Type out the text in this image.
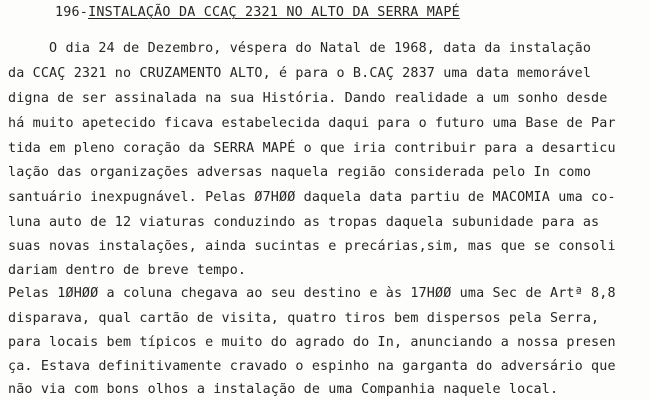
196-INSTALAÇÃO DA CCAÇ 2321 NO ALTO DA SERRA MAPÉ
O dia 24 de Dezembro, véspera do Natal de 1968, data da instalação
da CCAÇ 2321 no CRUZAMENTO ALTO, é para o B.CAÇ 2837 uma data memorável
digna de ser assinalada na sua História. Dando realidade a um sonho desde
há muito apetecido ficava estabelecida daqui para o futuro uma Base de Par
tida em pleno coração da SERRA MAPÉ o que iria contribuir para a desarticu
lação das organizações adversas naquela região considerada pelo In como
santuário inexpugnável. Pelas Ø7HØØ daquela data partiu de MACOMIA uma co-
luna auto de 12 viaturas conduzindo as tropas daquela subunidade para as
suas novas instalações, ainda sucintas e precárias,sim, mas que se consoli
dariam dentro de breve tempo.
Pelas 1ØHØØ a coluna chegava ao seu destino e às 17HØØ uma Sec de Artª 8,8
disparava, qual cartão de visita, quatro tiros bem dispersos pela Serra,
para locais bem típicos e muito do agrado do In, anunciando a nossa presen
ça. Estava definitivamente cravado o espinho na garganta do adversário que
não via com bons olhos a instalação de uma Companhia naquele local.
